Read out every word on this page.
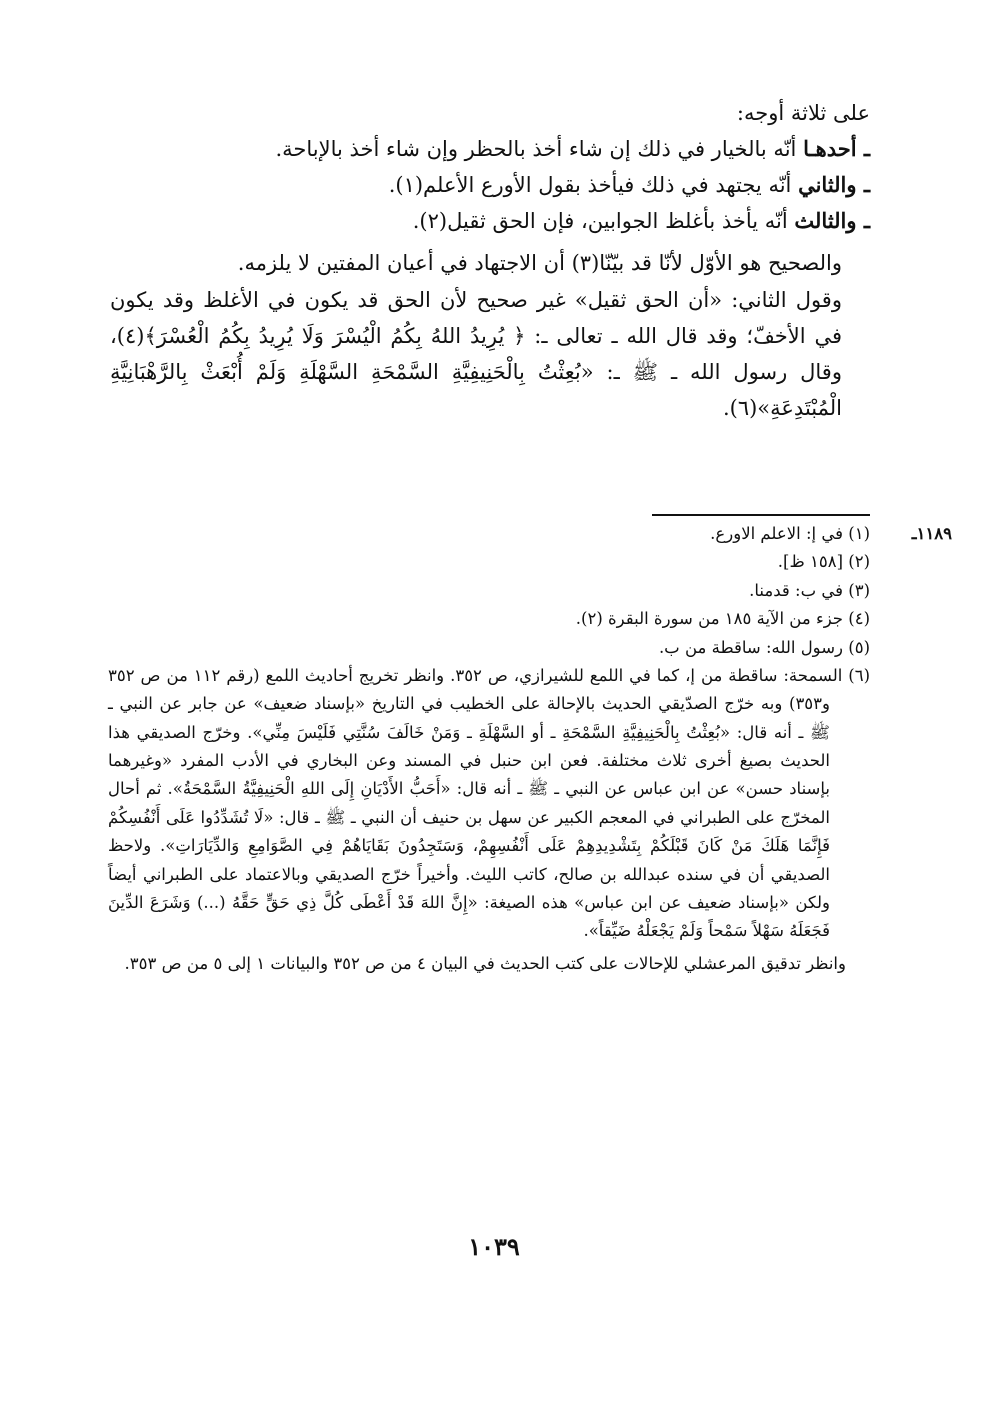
على ثلاثة أوجه:

ـ أحدهـا أنّه بالخيار في ذلك إن شاء أخذ بالحظر وإن شاء أخذ بالإباحة.

ـ والثاني أنّه يجتهد في ذلك فيأخذ بقول الأورع الأعلم(١).

ـ والثالث أنّه يأخذ بأغلظ الجوابين، فإن الحق ثقيل(٢).

والصحيح هو الأوّل لأنّا قد بيّنّا(٣) أن الاجتهاد في أعيان المفتين لا يلزمه.

وقول الثاني: «أن الحق ثقيل» غير صحيح لأن الحق قد يكون في الأغلظ وقد يكون في الأخفّ؛ وقد قال الله ـ تعالى ـ: ﴿ يُرِيدُ اللهُ بِكُمُ الْيُسْرَ وَلَا يُرِيدُ بِكُمُ الْعُسْرَ﴾(٤)، وقال رسول الله ـ ﷺ ـ: «بُعِثْتُ بِالْحَنِيفِيَّةِ السَّمْحَةِ السَّهْلَةِ وَلَمْ أُبْعَثْ بِالرَّهْبَانِيَّةِ الْمُبْتَدِعَةِ»(٦).

١١٨٩ـ
(١) في إ: الاعلم الاورع.

(٢) [١٥٨ ظ].

(٣) في ب: قدمنا.

(٤) جزء من الآية ١٨٥ من سورة البقرة (٢).

(٥) رسول الله: ساقطة من ب.

(٦) السمحة: ساقطة من إ، كما في اللمع للشيرازي، ص ٣٥٢. وانظر تخريج أحاديث اللمع (رقم ١١٢ من ص ٣٥٢ و٣٥٣) وبه خرّج الصدّيقي الحديث بالإحالة على الخطيب في التاريخ «بإسناد ضعيف» عن جابر عن النبي ـ ﷺ ـ أنه قال: «بُعِثْتُ بِالْحَنِيفِيَّةِ السَّمْحَةِ ـ أو السَّهْلَةِ ـ وَمَنْ خَالَفَ سُنَّتِي فَلَيْسَ مِنِّي». وخرّج الصديقي هذا الحديث بصيغ أخرى ثلاث مختلفة. فعن ابن حنبل في المسند وعن البخاري في الأدب المفرد «وغيرهما بإسناد حسن» عن ابن عباس عن النبي ـ ﷺ ـ أنه قال: «أَحَبُّ الأَدْيَانِ إِلَى اللهِ الْحَنِيفِيَّةُ السَّمْحَةُ». ثم أحال المخرّج على الطبراني في المعجم الكبير عن سهل بن حنيف أن النبي ـ ﷺ ـ قال: «لَا تُشَدِّدُوا عَلَى أَنْفُسِكُمْ فَإِنَّمَا هَلَكَ مَنْ كَانَ قَبْلَكُمْ بِتَشْدِيدِهِمْ عَلَى أَنْفُسِهِمْ، وَسَتَجِدُونَ بَقَايَاهُمْ فِي الصَّوَامِعِ وَالدِّيَارَاتِ». ولاحظ الصديقي أن في سنده عبدالله بن صالح، كاتب الليث. وأخيراً خرّج الصديقي وبالاعتماد على الطبراني أيضاً ولكن «بإسناد ضعيف عن ابن عباس» هذه الصيغة: «إِنَّ اللهَ قَدْ أَعْطَى كُلَّ ذِي حَقٍّ حَقَّهُ (...) وَشَرَعَ الدِّينَ فَجَعَلَهُ سَهْلاً سَمْحاً وَلَمْ يَجْعَلْهُ ضَيِّقاً».

وانظر تدقيق المرعشلي للإحالات على كتب الحديث في البيان ٤ من ص ٣٥٢ والبيانات ١ إلى ٥ من ص ٣٥٣.

١٠٣٩
